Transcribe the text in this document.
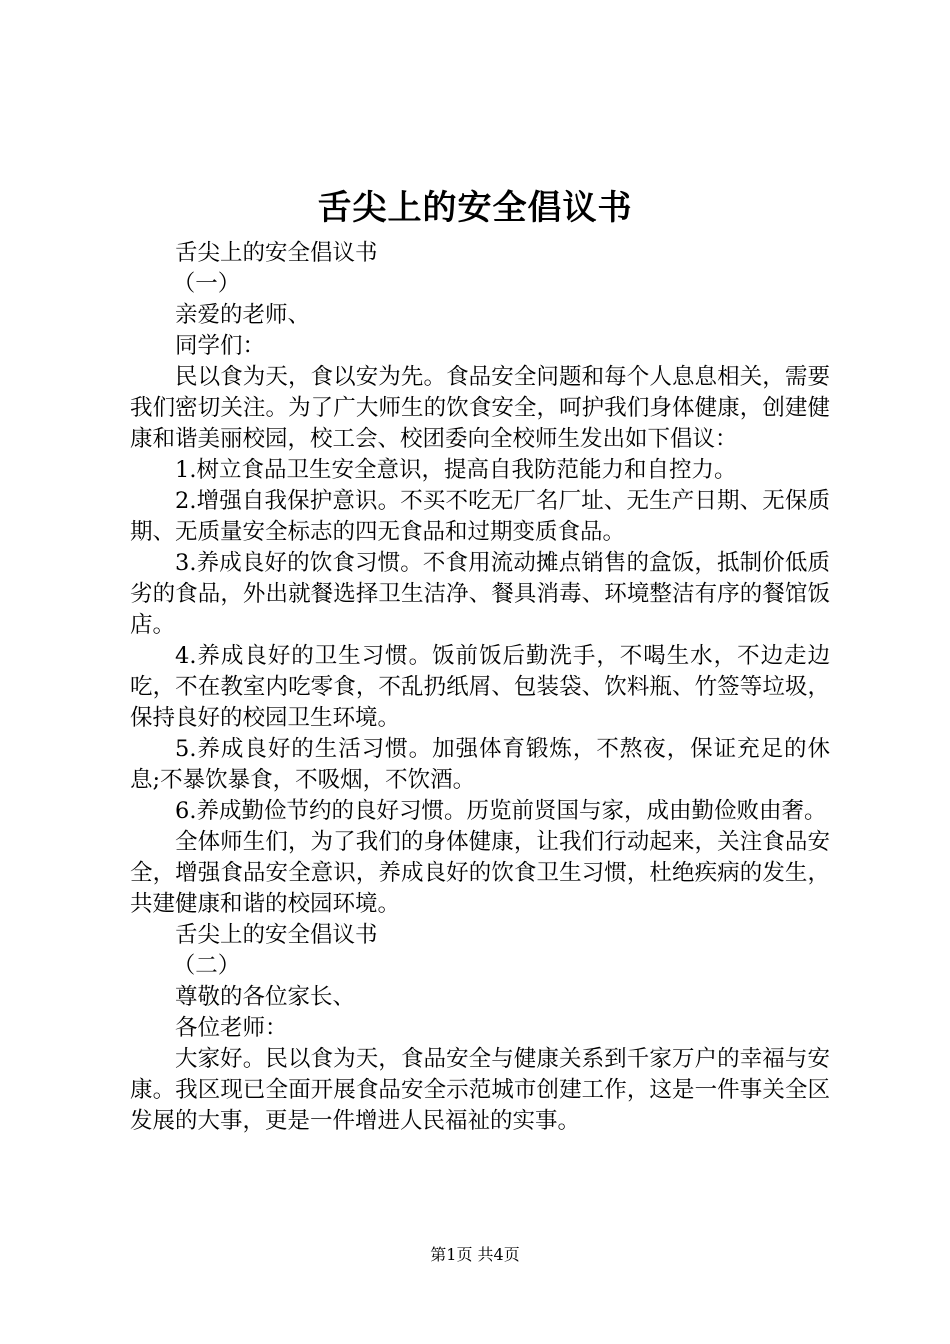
舌尖上的安全倡议书

舌尖上的安全倡议书

（一）

亲爱的老师、

同学们：

民以食为天，食以安为先。食品安全问题和每个人息息相关，需要我们密切关注。为了广大师生的饮食安全，呵护我们身体健康，创建健康和谐美丽校园，校工会、校团委向全校师生发出如下倡议：

1.树立食品卫生安全意识，提高自我防范能力和自控力。

2.增强自我保护意识。不买不吃无厂名厂址、无生产日期、无保质期、无质量安全标志的四无食品和过期变质食品。

3.养成良好的饮食习惯。不食用流动摊点销售的盒饭，抵制价低质劣的食品，外出就餐选择卫生洁净、餐具消毒、环境整洁有序的餐馆饭店。

4.养成良好的卫生习惯。饭前饭后勤洗手，不喝生水，不边走边吃，不在教室内吃零食，不乱扔纸屑、包装袋、饮料瓶、竹签等垃圾，保持良好的校园卫生环境。

5.养成良好的生活习惯。加强体育锻炼，不熬夜，保证充足的休息;不暴饮暴食，不吸烟，不饮酒。

6.养成勤俭节约的良好习惯。历览前贤国与家，成由勤俭败由奢。

全体师生们，为了我们的身体健康，让我们行动起来，关注食品安全，增强食品安全意识，养成良好的饮食卫生习惯，杜绝疾病的发生，共建健康和谐的校园环境。

舌尖上的安全倡议书

（二）

尊敬的各位家长、

各位老师：

大家好。民以食为天，食品安全与健康关系到千家万户的幸福与安康。我区现已全面开展食品安全示范城市创建工作，这是一件事关全区发展的大事，更是一件增进人民福祉的实事。

第1页 共4页
